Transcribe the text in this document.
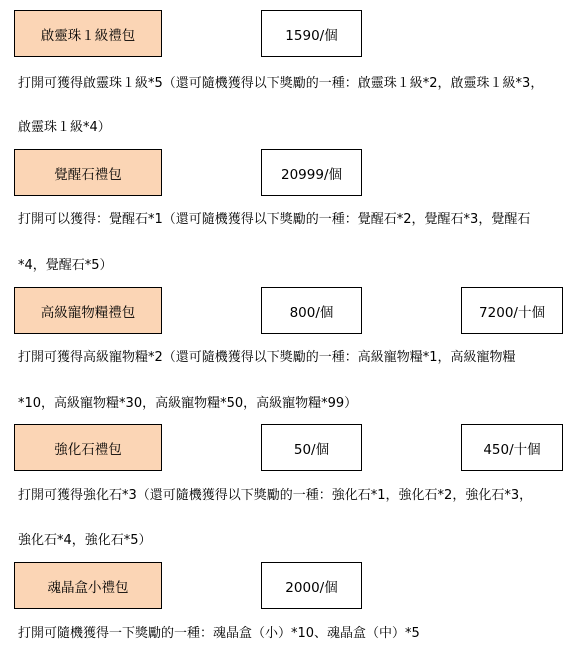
啟靈珠１級禮包	1590/個
打開可獲得啟靈珠１級*5（還可隨機獲得以下獎勵的一種：啟靈珠１級*2，啟靈珠１級*3，
啟靈珠１級*4）
覺醒石禮包	20999/個
打開可以獲得：覺醒石*1（還可隨機獲得以下獎勵的一種：覺醒石*2，覺醒石*3，覺醒石
*4，覺醒石*5）
高級寵物糧禮包	800/個	7200/十個
打開可獲得高級寵物糧*2（還可隨機獲得以下獎勵的一種：高級寵物糧*1，高級寵物糧
*10，高級寵物糧*30，高級寵物糧*50，高級寵物糧*99）
強化石禮包	50/個	450/十個
打開可獲得強化石*3（還可隨機獲得以下獎勵的一種：強化石*1，強化石*2，強化石*3，
強化石*4，強化石*5）
魂晶盒小禮包	2000/個
打開可隨機獲得一下獎勵的一種：魂晶盒（小）*10、魂晶盒（中）*5
